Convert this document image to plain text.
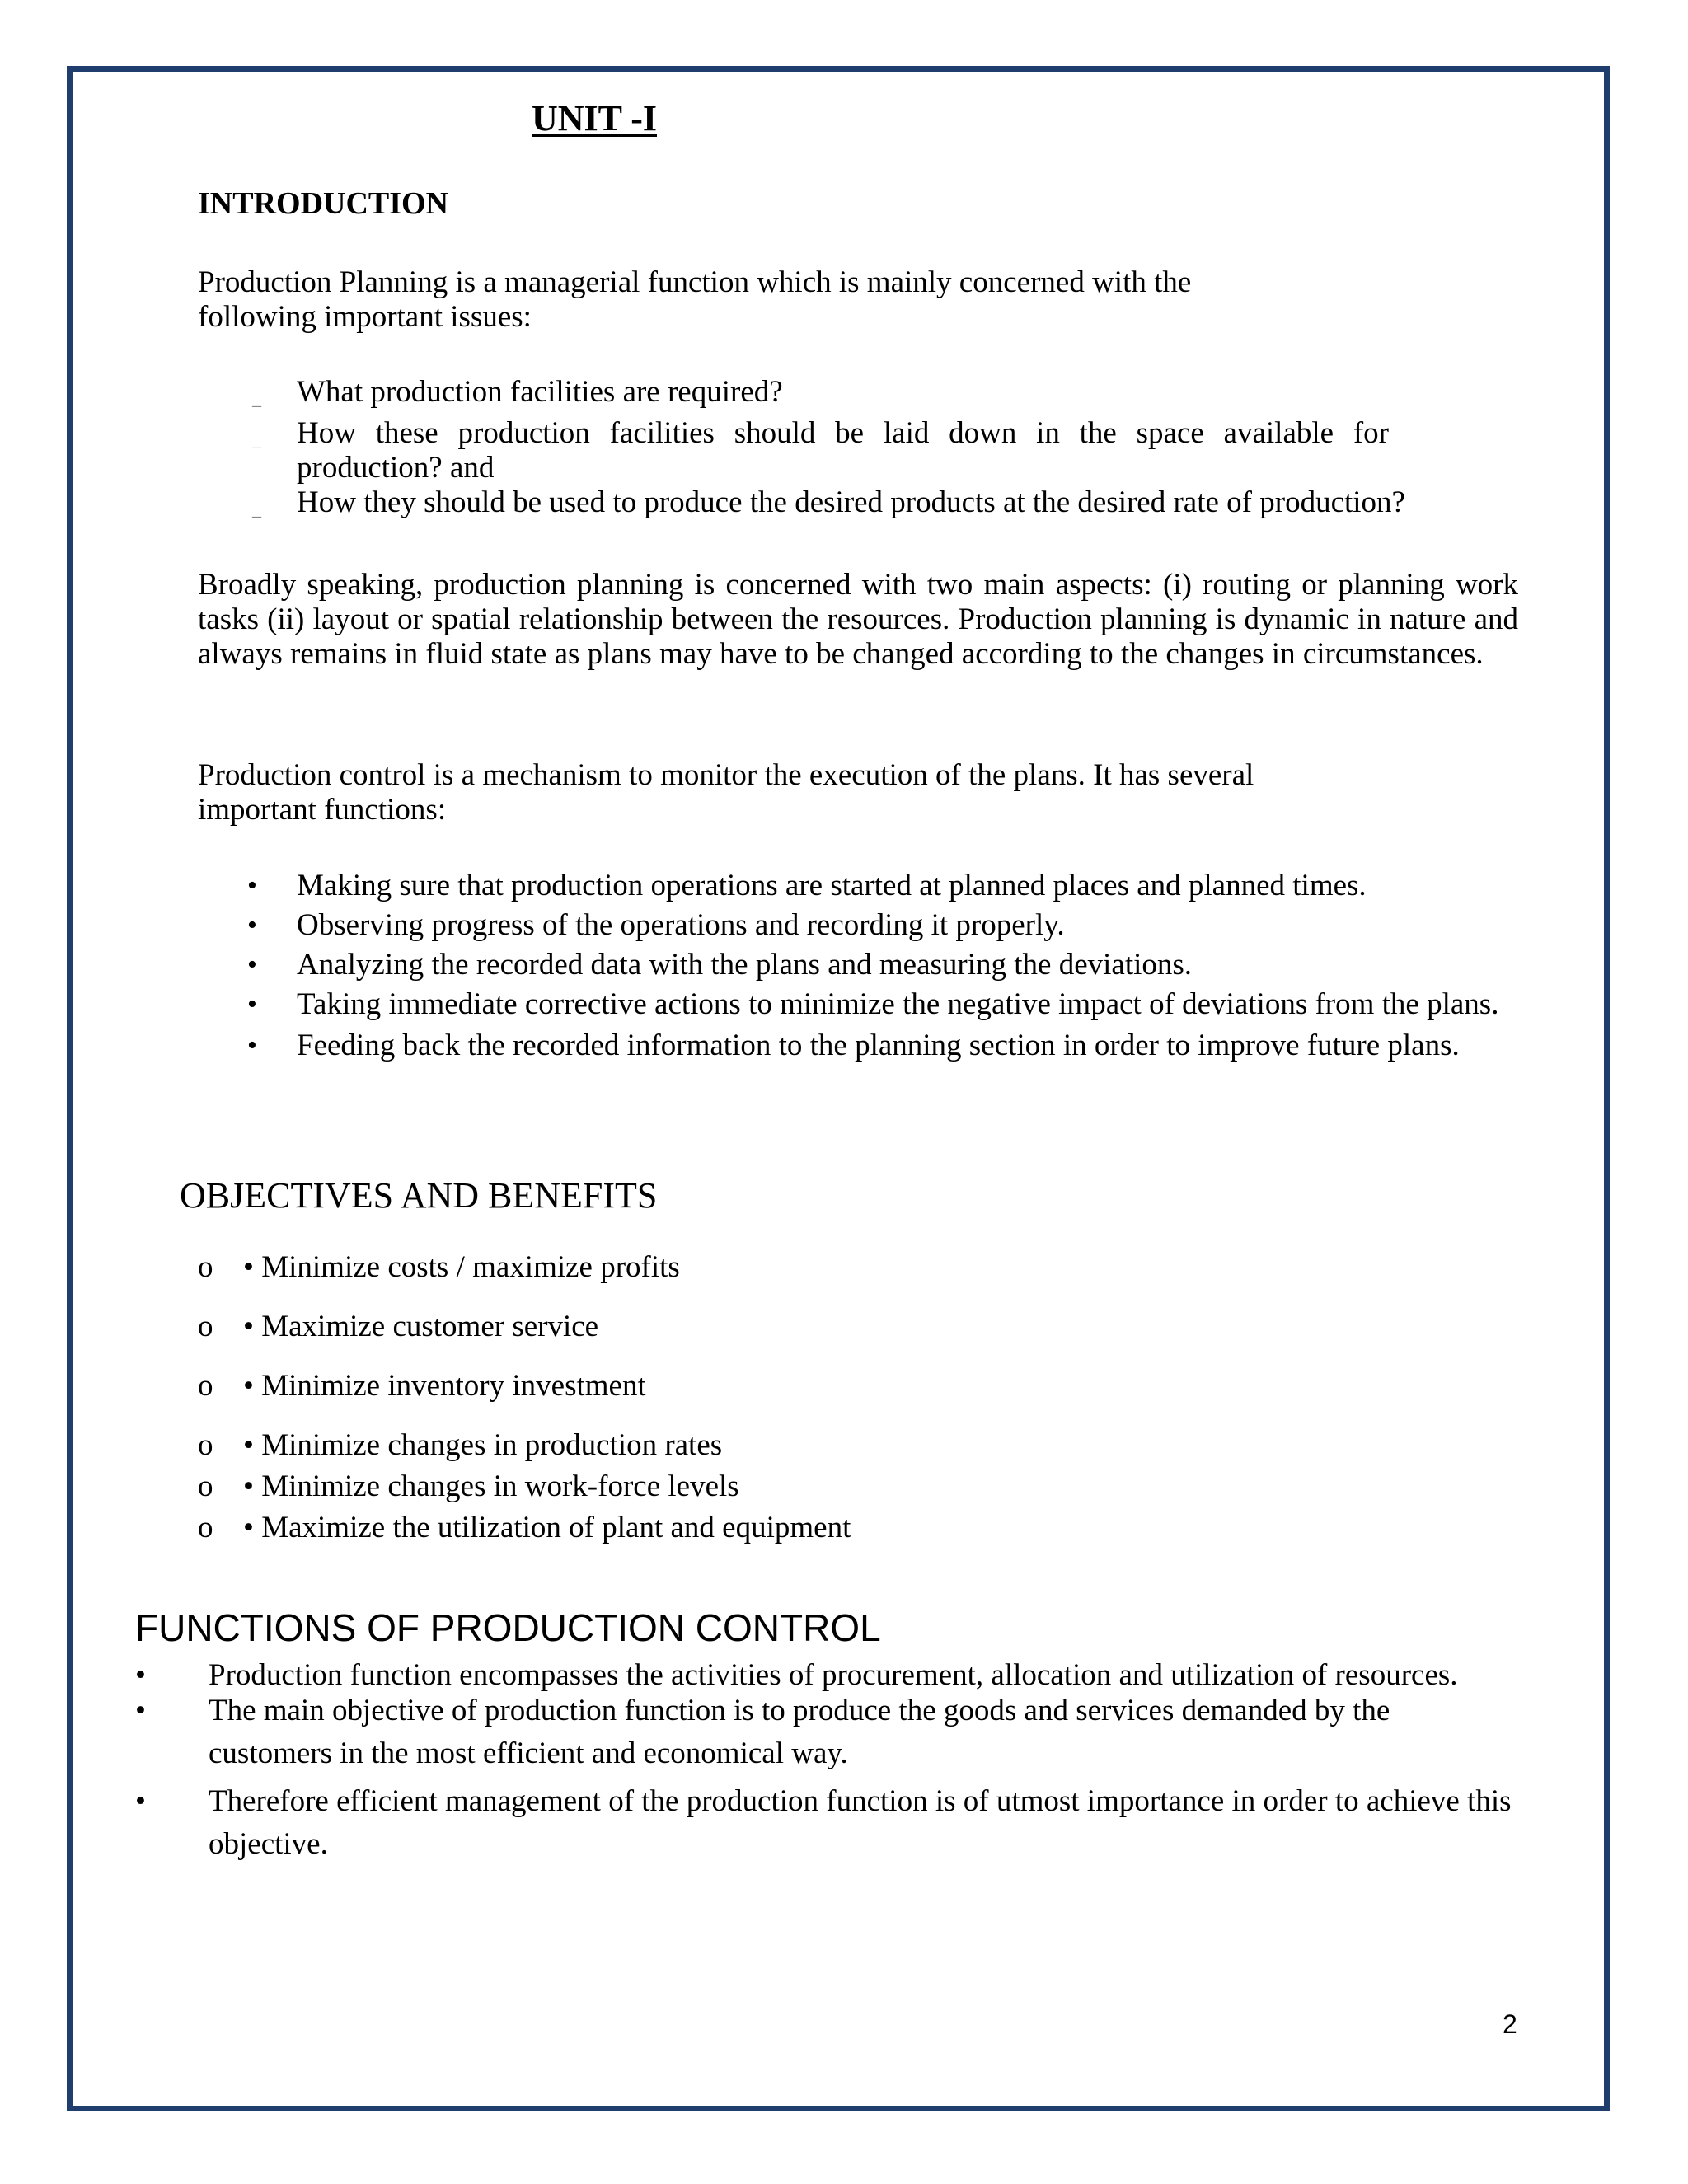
UNIT -I
INTRODUCTION

Production Planning is a managerial function which is mainly concerned with the following important issues:

_ What production facilities are required?
_ How these production facilities should be laid down in the space available for production? and
_ How they should be used to produce the desired products at the desired rate of production?

Broadly speaking, production planning is concerned with two main aspects: (i) routing or planning work tasks (ii) layout or spatial relationship between the resources. Production planning is dynamic in nature and always remains in fluid state as plans may have to be changed according to the changes in circumstances.

Production control is a mechanism to monitor the execution of the plans. It has several important functions:

• Making sure that production operations are started at planned places and planned times.
• Observing progress of the operations and recording it properly.
• Analyzing the recorded data with the plans and measuring the deviations.
• Taking immediate corrective actions to minimize the negative impact of deviations from the plans.
• Feeding back the recorded information to the planning section in order to improve future plans.
OBJECTIVES AND BENEFITS
o • Minimize costs / maximize profits
o • Maximize customer service
o • Minimize inventory investment
o • Minimize changes in production rates
o • Minimize changes in work-force levels
o • Maximize the utilization of plant and equipment
FUNCTIONS OF PRODUCTION CONTROL
• Production function encompasses the activities of procurement, allocation and utilization of resources.
• The main objective of production function is to produce the goods and services demanded by the customers in the most efficient and economical way.
• Therefore efficient management of the production function is of utmost importance in order to achieve this objective.
2
